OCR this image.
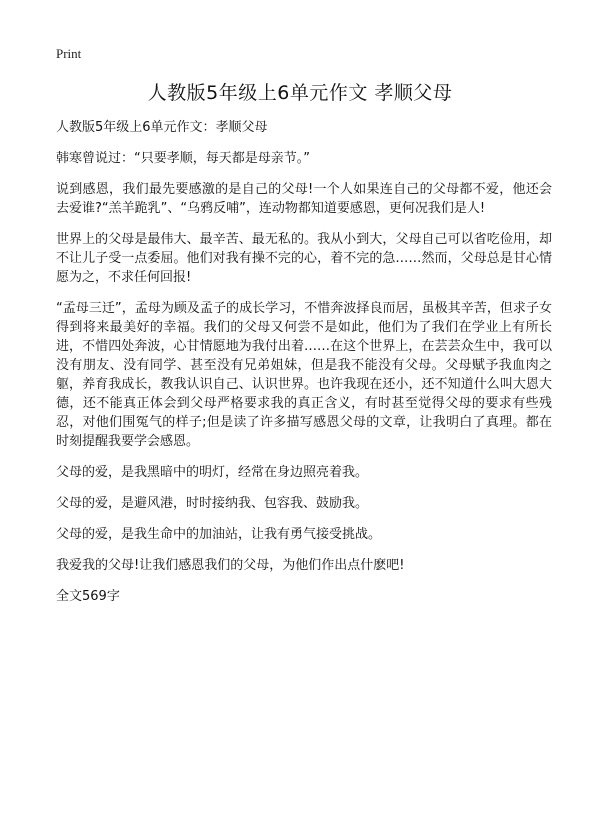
Print
人教版5年级上6单元作文 孝顺父母

人教版5年级上6单元作文：孝顺父母

韩寒曾说过：“只要孝顺，每天都是母亲节。”

说到感恩，我们最先要感激的是自己的父母!一个人如果连自己的父母都不爱，他还会去爱谁?“羔羊跪乳”、“乌鸦反哺”，连动物都知道要感恩，更何况我们是人!

世界上的父母是最伟大、最辛苦、最无私的。我从小到大，父母自己可以省吃俭用，却不让儿子受一点委屈。他们对我有操不完的心，着不完的急……然而，父母总是甘心情愿为之，不求任何回报!

“孟母三迁”，孟母为顾及孟子的成长学习，不惜奔波择良而居，虽极其辛苦，但求子女得到将来最美好的幸福。我们的父母又何尝不是如此，他们为了我们在学业上有所长进，不惜四处奔波，心甘情愿地为我付出着……在这个世界上，在芸芸众生中，我可以没有朋友、没有同学、甚至没有兄弟姐妹，但是我不能没有父母。父母赋予我血肉之躯，养育我成长，教我认识自己、认识世界。也许我现在还小，还不知道什么叫大恩大德，还不能真正体会到父母严格要求我的真正含义，有时甚至觉得父母的要求有些残忍，对他们围冤气的样子;但是读了许多描写感恩父母的文章，让我明白了真理。都在时刻提醒我要学会感恩。

父母的爱，是我黑暗中的明灯，经常在身边照亮着我。

父母的爱，是避风港，时时接纳我、包容我、鼓励我。

父母的爱，是我生命中的加油站，让我有勇气接受挑战。

我爱我的父母!让我们感恩我们的父母，为他们作出点什麽吧!

全文569字
